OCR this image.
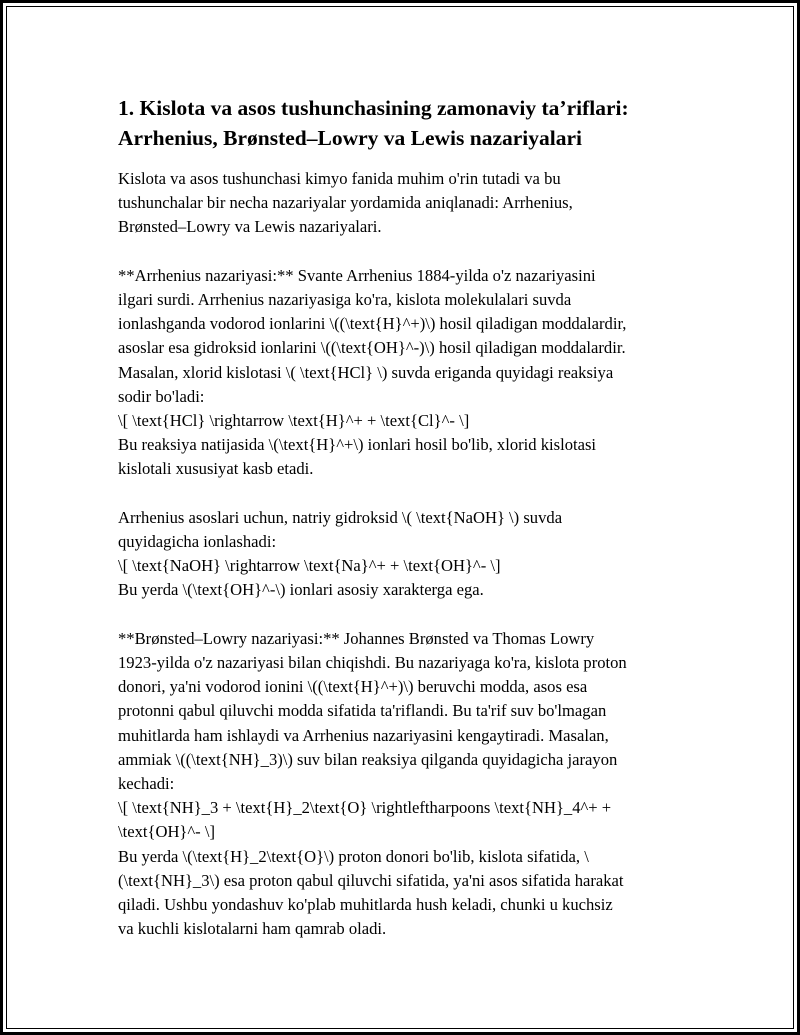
1. Kislota va asos tushunchasining zamonaviy ta’riflari:
Arrhenius, Brønsted–Lowry va Lewis nazariyalari
Kislota va asos tushunchasi kimyo fanida muhim o'rin tutadi va bu
tushunchalar bir necha nazariyalar yordamida aniqlanadi: Arrhenius,
Brønsted–Lowry va Lewis nazariyalari.
**Arrhenius nazariyasi:** Svante Arrhenius 1884-yilda o'z nazariyasini
ilgari surdi. Arrhenius nazariyasiga ko'ra, kislota molekulalari suvda
ionlashganda vodorod ionlarini \((\text{H}^+)\) hosil qiladigan moddalardir,
asoslar esa gidroksid ionlarini \((\text{OH}^-)\) hosil qiladigan moddalardir.
Masalan, xlorid kislotasi \( \text{HCl} \) suvda eriganda quyidagi reaksiya
sodir bo'ladi:
\[ \text{HCl} \rightarrow \text{H}^+ + \text{Cl}^- \]
Bu reaksiya natijasida \(\text{H}^+\) ionlari hosil bo'lib, xlorid kislotasi
kislotali xususiyat kasb etadi.
Arrhenius asoslari uchun, natriy gidroksid \( \text{NaOH} \) suvda
quyidagicha ionlashadi:
\[ \text{NaOH} \rightarrow \text{Na}^+ + \text{OH}^- \]
Bu yerda \(\text{OH}^-\) ionlari asosiy xarakterga ega.
**Brønsted–Lowry nazariyasi:** Johannes Brønsted va Thomas Lowry
1923-yilda o'z nazariyasi bilan chiqishdi. Bu nazariyaga ko'ra, kislota proton
donori, ya'ni vodorod ionini \((\text{H}^+)\) beruvchi modda, asos esa
protonni qabul qiluvchi modda sifatida ta'riflandi. Bu ta'rif suv bo'lmagan
muhitlarda ham ishlaydi va Arrhenius nazariyasini kengaytiradi. Masalan,
ammiak \((\text{NH}_3)\) suv bilan reaksiya qilganda quyidagicha jarayon
kechadi:
\[ \text{NH}_3 + \text{H}_2\text{O} \rightleftharpoons \text{NH}_4^+ +
\text{OH}^- \]
Bu yerda \(\text{H}_2\text{O}\) proton donori bo'lib, kislota sifatida, \
(\text{NH}_3\) esa proton qabul qiluvchi sifatida, ya'ni asos sifatida harakat
qiladi. Ushbu yondashuv ko'plab muhitlarda hush keladi, chunki u kuchsiz
va kuchli kislotalarni ham qamrab oladi.
